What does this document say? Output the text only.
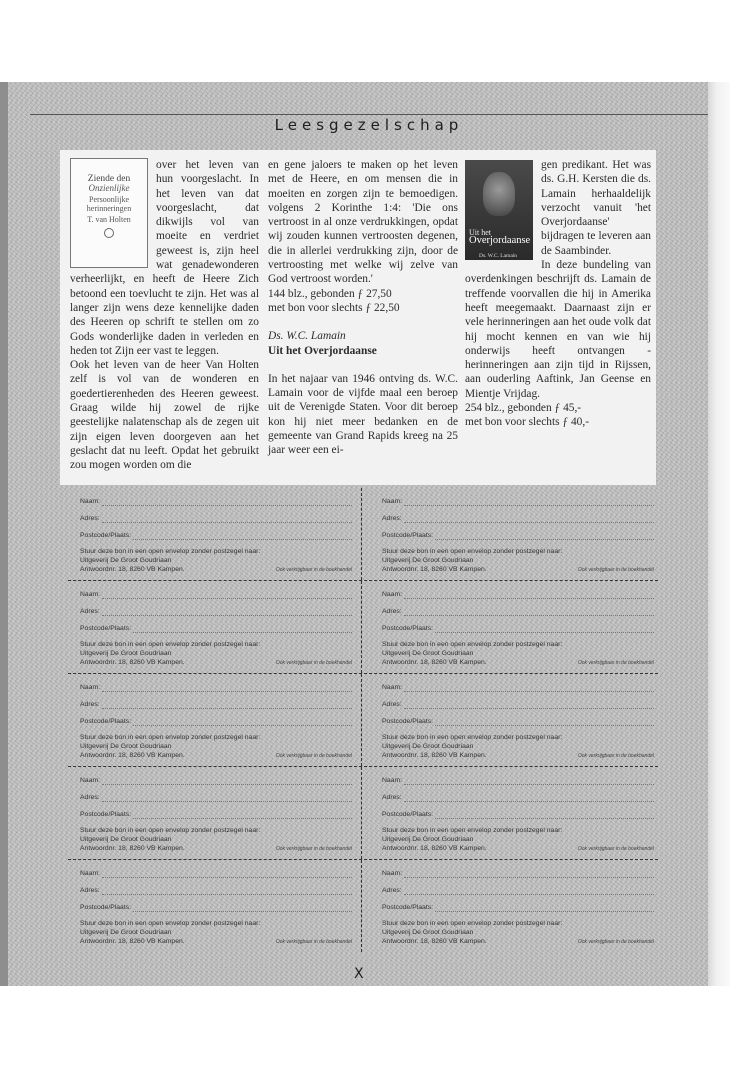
Leesgezelschap
Ziende den
Onzienlijke
Persoonlijke herinneringen
T. van Holten

over het leven van hun voorgeslacht. In het leven van dat voorgeslacht, dat dikwijls vol van moeite en verdriet geweest is, zijn heel wat genadewonderen verheerlijkt, en heeft de Heere Zich betoond een toevlucht te zijn. Het was al langer zijn wens deze kennelijke daden des Heeren op schrift te stellen om zo Gods wonderlijke daden in verleden en heden tot Zijn eer vast te leggen.

Ook het leven van de heer Van Holten zelf is vol van de wonderen en goedertierenheden des Heeren geweest. Graag wilde hij zowel de rijke geestelijke nalatenschap als de zegen uit zijn eigen leven doorgeven aan het geslacht dat nu leeft. Opdat het gebruikt zou mogen worden om die

en gene jaloers te maken op het leven met de Heere, en om mensen die in moeiten en zorgen zijn te bemoedigen. volgens 2 Korinthe 1:4: 'Die ons vertroost in al onze verdrukkingen, opdat wij zouden kunnen vertroosten degenen, die in allerlei verdrukking zijn, door de vertroosting met welke wij zelve van God vertroost worden.'

144 blz., gebonden ƒ 27,50

met bon voor slechts ƒ 22,50

Ds. W.C. Lamain

Uit het Overjordaanse

In het najaar van 1946 ontving ds. W.C. Lamain voor de vijfde maal een beroep uit de Verenigde Staten. Voor dit beroep kon hij niet meer bedanken en de gemeente van Grand Rapids kreeg na 25 jaar weer een ei-

Uit het
Overjordaanse
Ds. W.C. Lamain

gen predikant. Het was ds. G.H. Kersten die ds. Lamain herhaaldelijk verzocht vanuit 'het Overjordaanse' bijdragen te leveren aan de Saambinder.

In deze bundeling van overdenkingen beschrijft ds. Lamain de treffende voorvallen die hij in Amerika heeft meegemaakt. Daarnaast zijn er vele herinneringen aan het oude volk dat hij mocht kennen en van wie hij onderwijs heeft ontvangen - herinneringen aan zijn tijd in Rijssen, aan ouderling Aaftink, Jan Geense en Mientje Vrijdag.

254 blz., gebonden ƒ 45,-

met bon voor slechts ƒ 40,-

Naam:
Adres:
Postcode/Plaats:
Stuur deze bon in een open envelop zonder postzegel naar:
Uitgeverij De Groot Goudriaan
Antwoordnr. 18, 8260 VB Kampen.	Ook verkrijgbaar in de boekhandel
Naam:
Adres:
Postcode/Plaats:
Stuur deze bon in een open envelop zonder postzegel naar:
Uitgeverij De Groot Goudriaan
Antwoordnr. 18, 8260 VB Kampen.	Ook verkrijgbaar in de boekhandel
Naam:
Adres:
Postcode/Plaats:
Stuur deze bon in een open envelop zonder postzegel naar:
Uitgeverij De Groot Goudriaan
Antwoordnr. 18, 8260 VB Kampen.	Ook verkrijgbaar in de boekhandel
Naam:
Adres:
Postcode/Plaats:
Stuur deze bon in een open envelop zonder postzegel naar:
Uitgeverij De Groot Goudriaan
Antwoordnr. 18, 8260 VB Kampen.	Ook verkrijgbaar in de boekhandel
Naam:
Adres:
Postcode/Plaats:
Stuur deze bon in een open envelop zonder postzegel naar:
Uitgeverij De Groot Goudriaan
Antwoordnr. 18, 8260 VB Kampen.	Ook verkrijgbaar in de boekhandel
Naam:
Adres:
Postcode/Plaats:
Stuur deze bon in een open envelop zonder postzegel naar:
Uitgeverij De Groot Goudriaan
Antwoordnr. 18, 8260 VB Kampen.	Ook verkrijgbaar in de boekhandel
Naam:
Adres:
Postcode/Plaats:
Stuur deze bon in een open envelop zonder postzegel naar:
Uitgeverij De Groot Goudriaan
Antwoordnr. 18, 8260 VB Kampen.	Ook verkrijgbaar in de boekhandel
Naam:
Adres:
Postcode/Plaats:
Stuur deze bon in een open envelop zonder postzegel naar:
Uitgeverij De Groot Goudriaan
Antwoordnr. 18, 8260 VB Kampen.	Ook verkrijgbaar in de boekhandel
Naam:
Adres:
Postcode/Plaats:
Stuur deze bon in een open envelop zonder postzegel naar:
Uitgeverij De Groot Goudriaan
Antwoordnr. 18, 8260 VB Kampen.	Ook verkrijgbaar in de boekhandel
Naam:
Adres:
Postcode/Plaats:
Stuur deze bon in een open envelop zonder postzegel naar:
Uitgeverij De Groot Goudriaan
Antwoordnr. 18, 8260 VB Kampen.	Ook verkrijgbaar in de boekhandel
X
